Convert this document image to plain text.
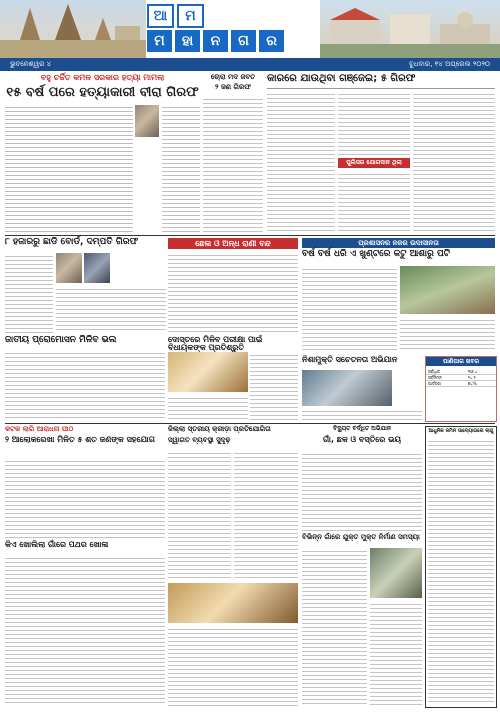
ଆ	ମ
ମ	ହା	ନ	ଗ	ର
ଭୁବନେଶ୍ୱର ୪	ବୁଧବାର, ୧୪ ଅପ୍ରେଲ ୨୦୨୦
ବହୁ ଚର୍ଚ୍ଚିତ କମଳ ସରକାର ହତ୍ୟା ମାମଲା
୧୫ ବର୍ଷ ପରେ ହତ୍ୟାକାରୀ ବୀରା ଗିରଫ
ଚୋରା ମଦ ଜବତ
୨ ଜଣ ଗିରଫ
କାରରେ ଯାଉଥିବା ଗଞ୍ଜେଇ; ୫ ଗିରଫ
ପୁଲିସର ଯୋଗଦାନ ଥିଲା
୮ ହଜାରରୁ ଛାଡି ବୋର୍ଡ, ଦମ୍ପତି ଗିରଫ	ଛେଳା ଓ ଅନ୍ଧ ରାଣୀ ବନ୍ଦ	ପ୍ରଶାସନର ନଜର ଉଦାସୀନତା
ବର୍ଷ ବର୍ଷ ଧରି ଏ ଖୁଣ୍ଟରେ କଟୁ ଆଶାରୁ ପଟି
ଜାତୀୟ ପ୍ରୋମୋସନ ମିଳିବ ଭଲ	ଦୋସ୍ତରେ ମିଳିବ ପରୀକ୍ଷା ପାଇଁ ବିଧାୟକଙ୍କ ପ୍ରତିଶ୍ରୁତି
ନିଶାମୁକ୍ତି ସଚେତନତା ଅଭିଯାନ	ପାଣିପାଗ ଖବର
ସର୍ବାଧିକ	୩୬.୪
ସର୍ବନିମ୍ନ	୨୪.୨
ଆର୍ଦ୍ରତା	୭୪%
କଟକ ଲାଗି ଆରାଧନା ପୀଠ
୨ ଆଲୋକରେଖା ମିଳିତ ୫ ଶତ ଜଣଙ୍କ ସହଯୋଗ
ଜିଲ୍ଲା ସ୍ତରୀୟ କ୍ରୀଡ଼ା ପ୍ରତିଯୋଗିତା
ସ୍ୱାଗତ ବ୍ୟବସ୍ଥା ସୁଦୃଢ଼
ବିଦ୍ୟୁତ ବର୍ଦ୍ଧିତ ଅଭିଯାନ
ଗାଁ, ଛକ ଓ ବସ୍ତିରେ ଭୟ
ଆଧୁନିକ ଜମିନ ଉଦ୍ୟୋଗରେ ଲାଗୁ
କିଏ ଖୋଲିଲା ଗାଁରେ ପଥର ଖୋଳା
ବିଭିନ୍ନ ଗାଁରେ ଯୁକ୍ତ ମୁକ୍ତ ନିର୍ମାଣ ସମସ୍ୟା
